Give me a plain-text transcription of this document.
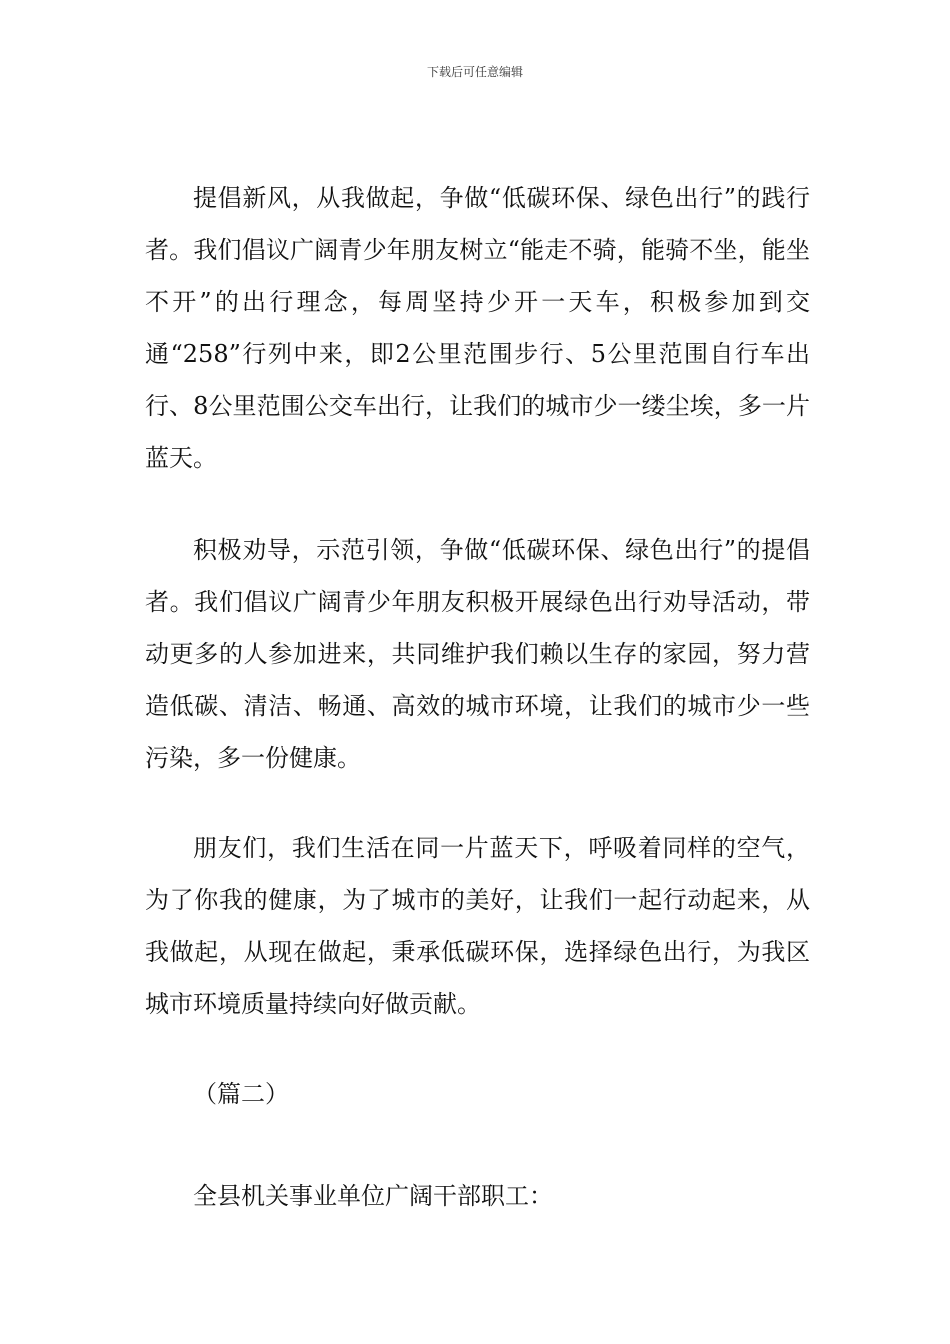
下载后可任意编辑

提倡新风，从我做起，争做“低碳环保、绿色出行”的践行者。我们倡议广阔青少年朋友树立“能走不骑，能骑不坐，能坐不开”的出行理念，每周坚持少开一天车，积极参加到交通“258”行列中来，即2公里范围步行、5公里范围自行车出行、8公里范围公交车出行，让我们的城市少一缕尘埃，多一片蓝天。

积极劝导，示范引领，争做“低碳环保、绿色出行”的提倡者。我们倡议广阔青少年朋友积极开展绿色出行劝导活动，带动更多的人参加进来，共同维护我们赖以生存的家园，努力营造低碳、清洁、畅通、高效的城市环境，让我们的城市少一些污染，多一份健康。

朋友们，我们生活在同一片蓝天下，呼吸着同样的空气，为了你我的健康，为了城市的美好，让我们一起行动起来，从我做起，从现在做起，秉承低碳环保，选择绿色出行，为我区城市环境质量持续向好做贡献。

（篇二）

全县机关事业单位广阔干部职工：
